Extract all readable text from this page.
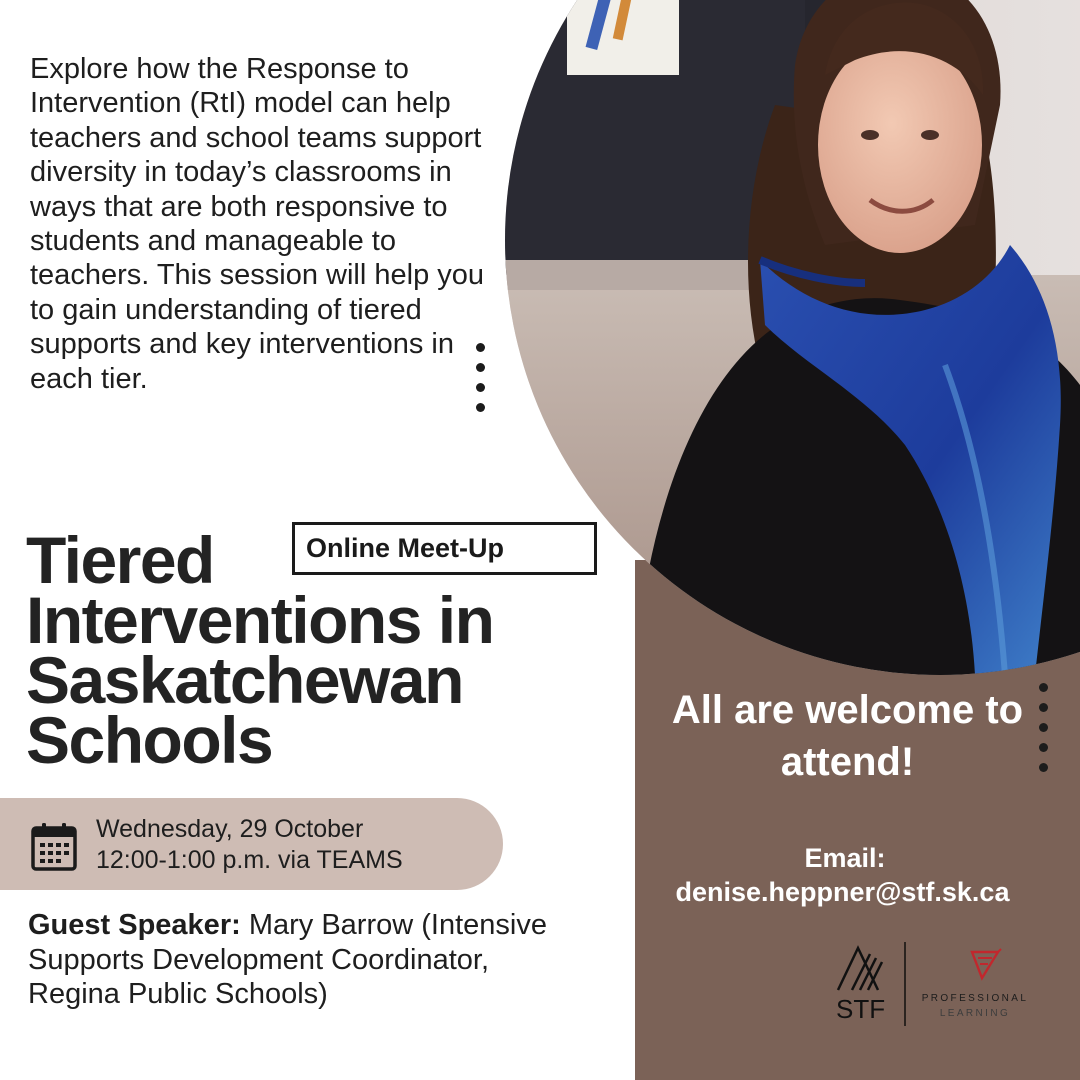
Explore how the Response to Intervention (RtI) model can help teachers and school teams support diversity in today’s classrooms in ways that are both responsive to students and manageable to teachers. This session will help you to gain understanding of tiered supports and key interventions in each tier.

Online Meet-Up

Tiered

Interventions in

Saskatchewan

Schools

Wednesday, 29 October

12:00-1:00 p.m. via TEAMS

Guest Speaker: Mary Barrow (Intensive Supports Development Coordinator, Regina Public Schools)

All are welcome to attend!

Email:

denise.heppner@stf.sk.ca

STF	PROFESSIONAL

LEARNING
